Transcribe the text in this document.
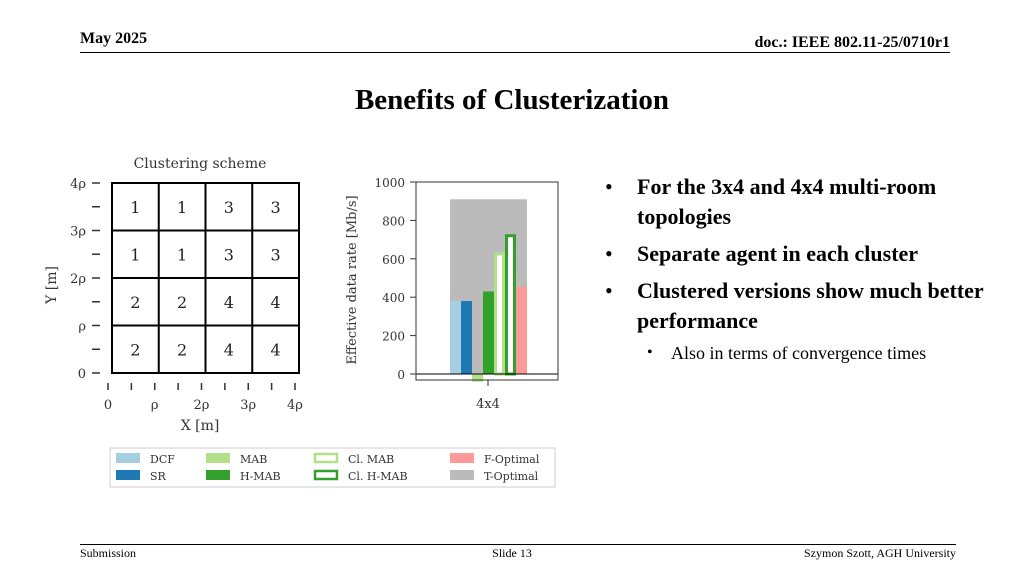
May 2025	doc.: IEEE 802.11-25/0710r1
Benefits of Clusterization
Clustering scheme
1 1 3 3
1 1 3 3
2 2 4 4
2 2 4 4
0	ρ	2ρ 3ρ 4ρ
0
ρ
2ρ
3ρ
4ρ
X [m]
Y [m]
0
200
400
600
800
1000
4x4
Effective data rate [Mb/s]
DCF
SR
MAB
H-MAB
Cl. MAB
Cl. H-MAB
F-Optimal
T-Optimal
• For the 3x4 and 4x4 multi-room topologies
• Separate agent in each cluster
• Clustered versions show much better performance
• Also in terms of convergence times
Submission	Slide 13	Szymon Szott, AGH University
